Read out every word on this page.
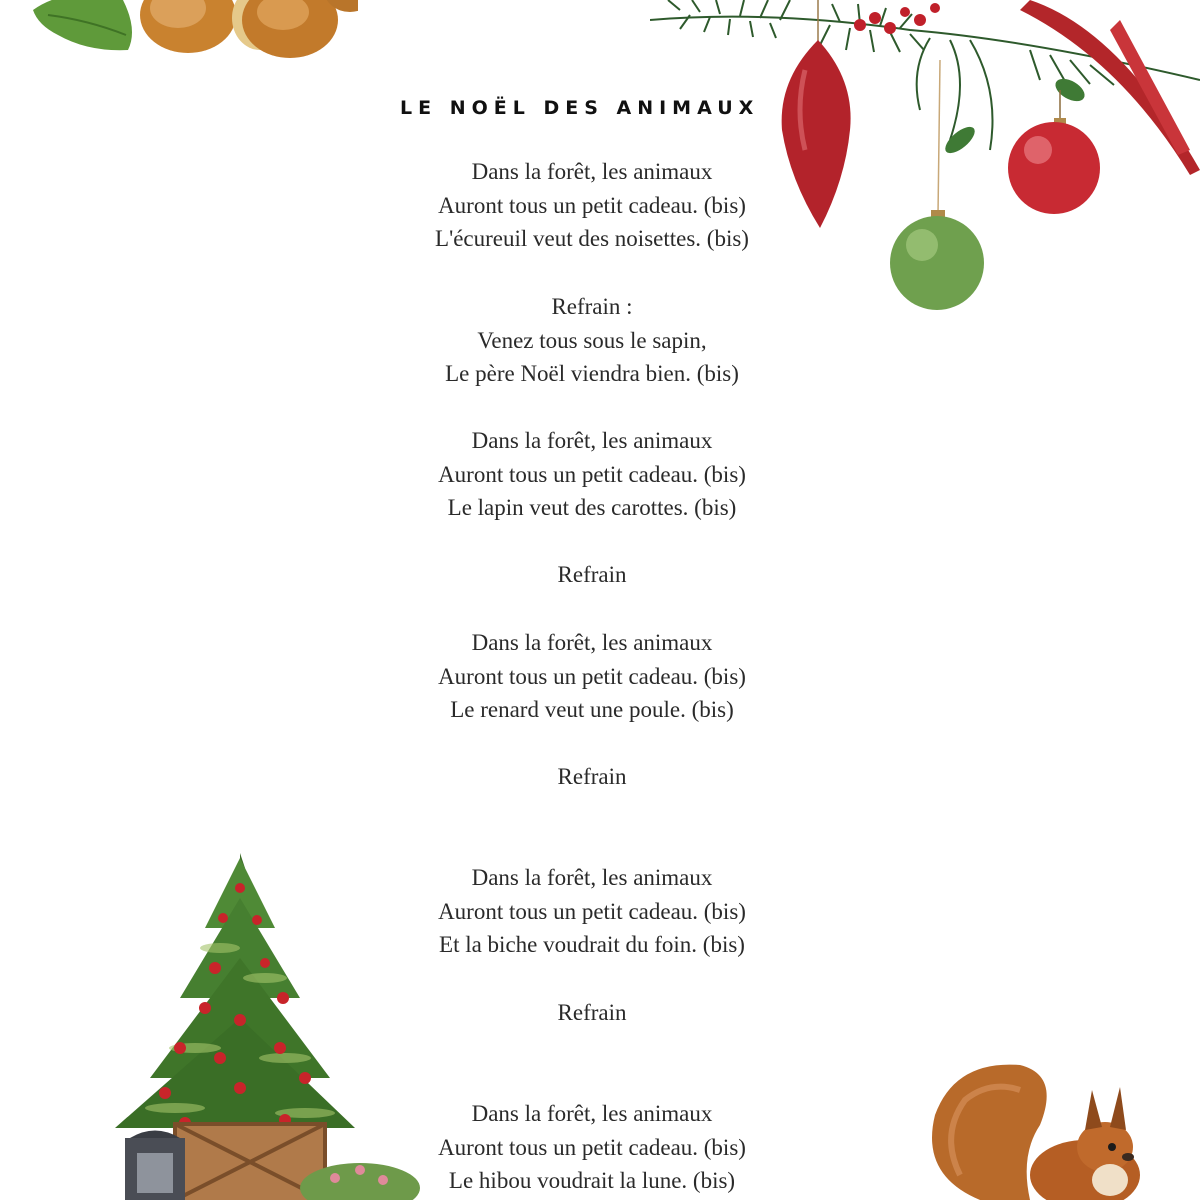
LE NOËL DES ANIMAUX
Dans la forêt, les animaux
Auront tous un petit cadeau. (bis)
L'écureuil veut des noisettes. (bis)
Refrain :
Venez tous sous le sapin,
Le père Noël viendra bien. (bis)
Dans la forêt, les animaux
Auront tous un petit cadeau. (bis)
Le lapin veut des carottes. (bis)
Refrain
Dans la forêt, les animaux
Auront tous un petit cadeau. (bis)
Le renard veut une poule. (bis)
Refrain
Dans la forêt, les animaux
Auront tous un petit cadeau. (bis)
Et la biche voudrait du foin. (bis)
Refrain
Dans la forêt, les animaux
Auront tous un petit cadeau. (bis)
Le hibou voudrait la lune. (bis)
